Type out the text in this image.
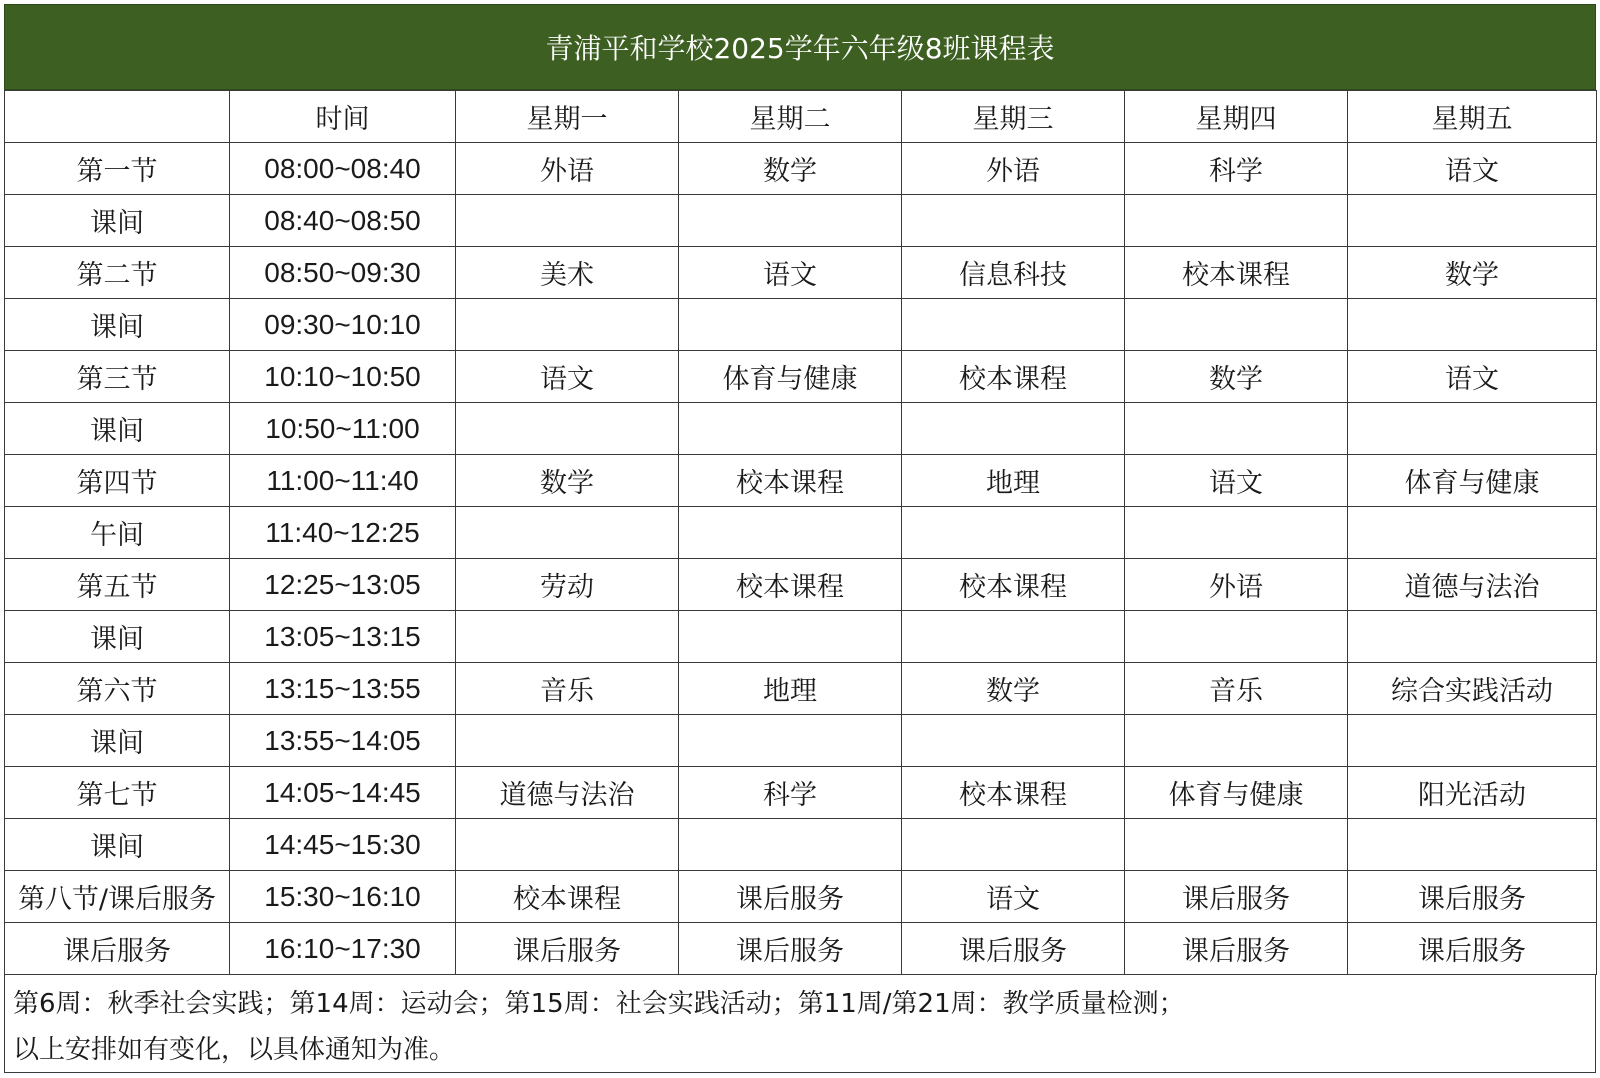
青浦平和学校2025学年六年级8班课程表
	时间	星期一	星期二	星期三	星期四	星期五
第一节	08:00~08:40	外语	数学	外语	科学	语文
课间	08:40~08:50					
第二节	08:50~09:30	美术	语文	信息科技	校本课程	数学
课间	09:30~10:10					
第三节	10:10~10:50	语文	体育与健康	校本课程	数学	语文
课间	10:50~11:00					
第四节	11:00~11:40	数学	校本课程	地理	语文	体育与健康
午间	11:40~12:25					
第五节	12:25~13:05	劳动	校本课程	校本课程	外语	道德与法治
课间	13:05~13:15					
第六节	13:15~13:55	音乐	地理	数学	音乐	综合实践活动
课间	13:55~14:05					
第七节	14:05~14:45	道德与法治	科学	校本课程	体育与健康	阳光活动
课间	14:45~15:30					
第八节/课后服务	15:30~16:10	校本课程	课后服务	语文	课后服务	课后服务
课后服务	16:10~17:30	课后服务	课后服务	课后服务	课后服务	课后服务
第6周：秋季社会实践；第14周：运动会；第15周：社会实践活动；第11周/第21周：教学质量检测；
以上安排如有变化，以具体通知为准。
